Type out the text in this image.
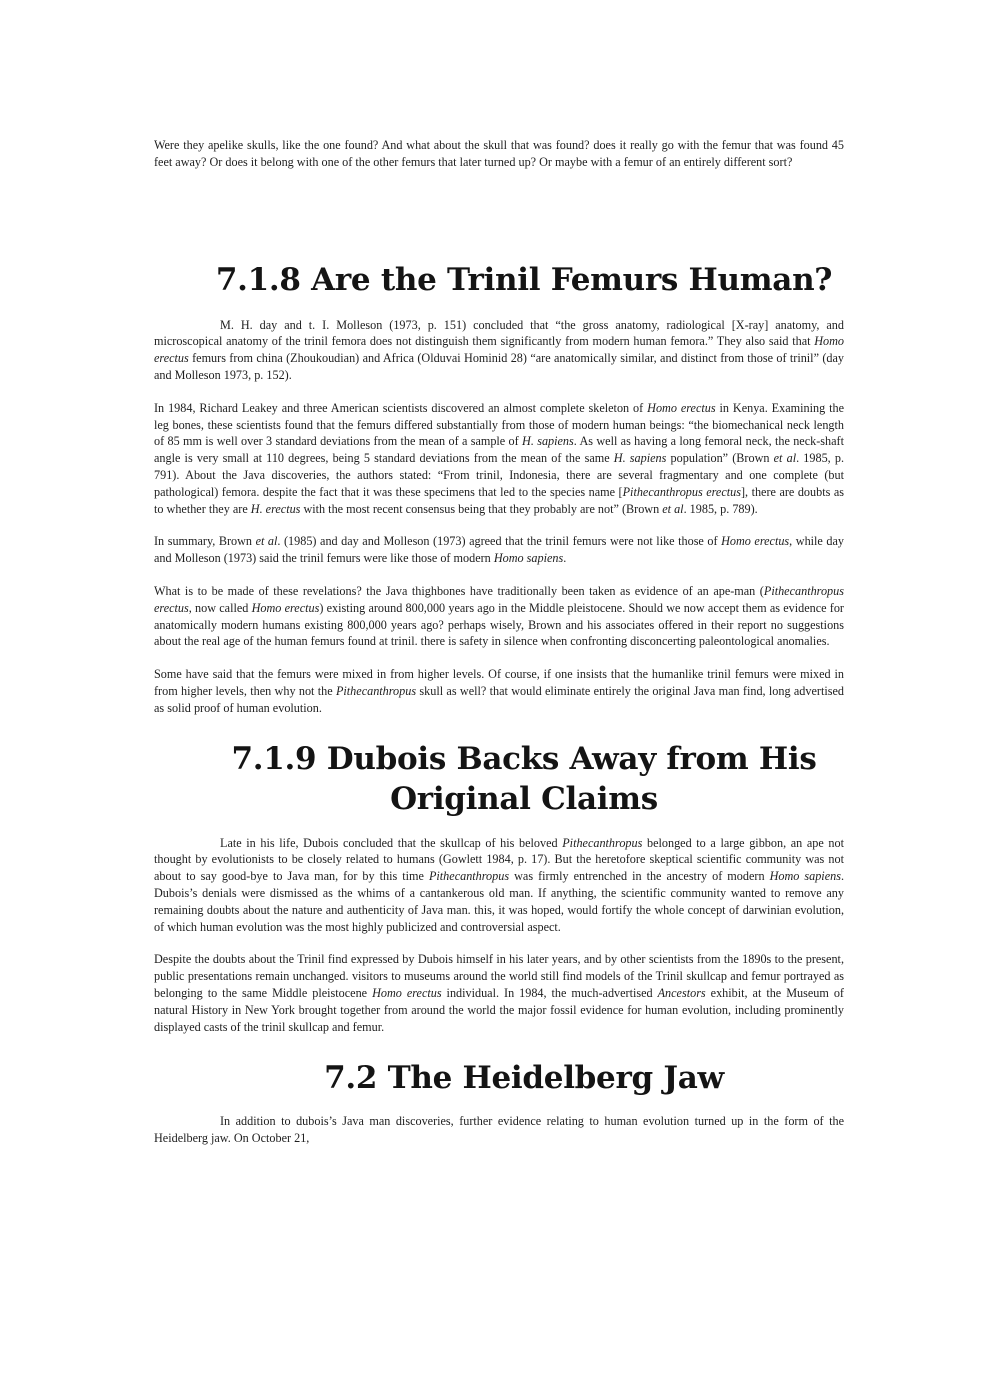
Were they apelike skulls, like the one found? And what about the skull that was found? does it really go with the femur that was found 45 feet away? Or does it belong with one of the other femurs that later turned up? Or maybe with a femur of an entirely different sort?

7.1.8 Are the Trinil Femurs Human?

M. H. day and t. I. Molleson (1973, p. 151) concluded that “the gross anatomy, radiological [X-ray] anatomy, and microscopical anatomy of the trinil femora does not distinguish them significantly from modern human femora.” They also said that Homo erectus femurs from china (Zhoukoudian) and Africa (Olduvai Hominid 28) “are anatomically similar, and distinct from those of trinil” (day and Molleson 1973, p. 152).

In 1984, Richard Leakey and three American scientists discovered an almost complete skeleton of Homo erectus in Kenya. Examining the leg bones, these scientists found that the femurs differed substantially from those of modern human beings: “the biomechanical neck length of 85 mm is well over 3 standard deviations from the mean of a sample of H. sapiens. As well as having a long femoral neck, the neck-shaft angle is very small at 110 degrees, being 5 standard deviations from the mean of the same H. sapiens population” (Brown et al. 1985, p. 791). About the Java discoveries, the authors stated: “From trinil, Indonesia, there are several fragmentary and one complete (but pathological) femora. despite the fact that it was these specimens that led to the species name [Pithecanthropus erectus], there are doubts as to whether they are H. erectus with the most recent consensus being that they probably are not” (Brown et al. 1985, p. 789).

In summary, Brown et al. (1985) and day and Molleson (1973) agreed that the trinil femurs were not like those of Homo erectus, while day and Molleson (1973) said the trinil femurs were like those of modern Homo sapiens.

What is to be made of these revelations? the Java thighbones have traditionally been taken as evidence of an ape-man (Pithecanthropus erectus, now called Homo erectus) existing around 800,000 years ago in the Middle pleistocene. Should we now accept them as evidence for anatomically modern humans existing 800,000 years ago? perhaps wisely, Brown and his associates offered in their report no suggestions about the real age of the human femurs found at trinil. there is safety in silence when confronting disconcerting paleontological anomalies.

Some have said that the femurs were mixed in from higher levels. Of course, if one insists that the humanlike trinil femurs were mixed in from higher levels, then why not the Pithecanthropus skull as well? that would eliminate entirely the original Java man find, long advertised as solid proof of human evolution.

7.1.9 Dubois Backs Away from His Original Claims

Late in his life, Dubois concluded that the skullcap of his beloved Pithecanthropus belonged to a large gibbon, an ape not thought by evolutionists to be closely related to humans (Gowlett 1984, p. 17). But the heretofore skeptical scientific community was not about to say good-bye to Java man, for by this time Pithecanthropus was firmly entrenched in the ancestry of modern Homo sapiens. Dubois’s denials were dismissed as the whims of a cantankerous old man. If anything, the scientific community wanted to remove any remaining doubts about the nature and authenticity of Java man. this, it was hoped, would fortify the whole concept of darwinian evolution, of which human evolution was the most highly publicized and controversial aspect.

Despite the doubts about the Trinil find expressed by Dubois himself in his later years, and by other scientists from the 1890s to the present, public presentations remain unchanged. visitors to museums around the world still find models of the Trinil skullcap and femur portrayed as belonging to the same Middle pleistocene Homo erectus individual. In 1984, the much-advertised Ancestors exhibit, at the Museum of natural History in New York brought together from around the world the major fossil evidence for human evolution, including prominently displayed casts of the trinil skullcap and femur.

7.2 The Heidelberg Jaw

In addition to dubois’s Java man discoveries, further evidence relating to human evolution turned up in the form of the Heidelberg jaw. On October 21,
